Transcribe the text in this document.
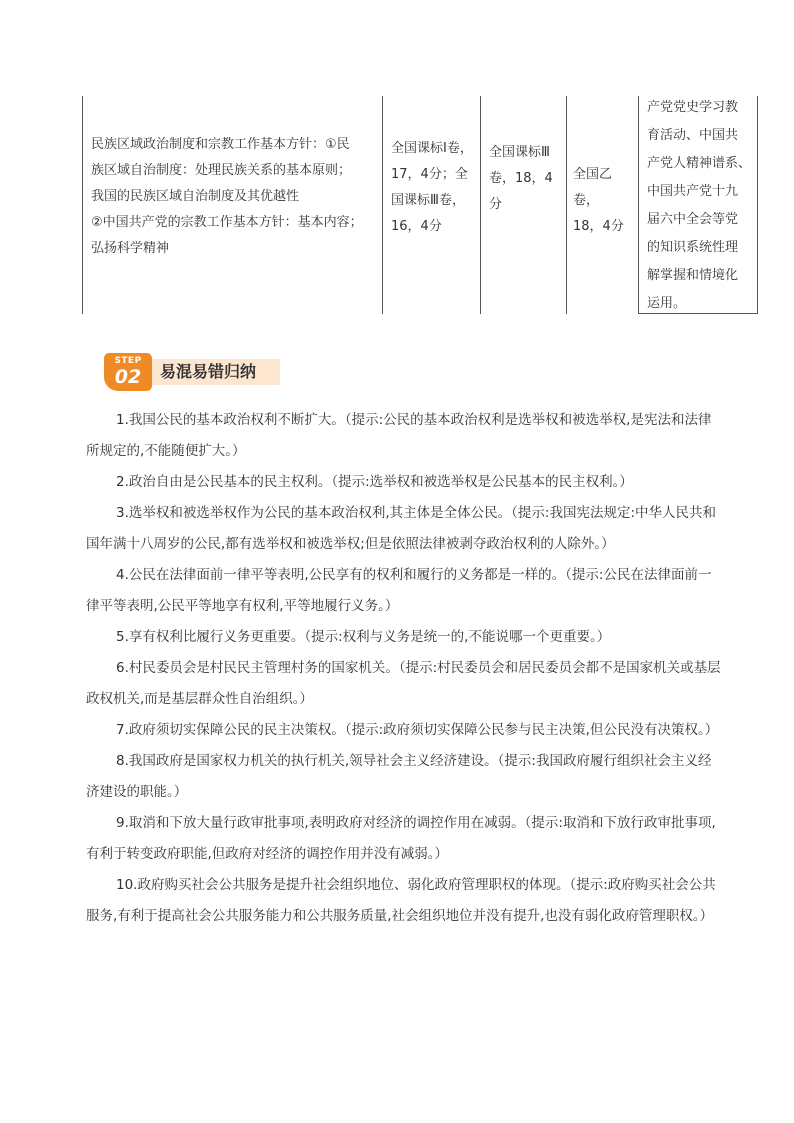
民族区域政治制度和宗教工作基本方针：①民
族区域自治制度：处理民族关系的基本原则；
我国的民族区域自治制度及其优越性
②中国共产党的宗教工作基本方针：基本内容；
弘扬科学精神
全国课标Ⅰ卷，
17，4分；全
国课标Ⅲ卷，
16，4分
全国课标Ⅲ
卷，18，4
分
全国乙卷，
18，4分
产党党史学习教
育活动、中国共
产党人精神谱系、
中国共产党十九
届六中全会等党
的知识系统性理
解掌握和情境化
运用。
STEP
02	易混易错归纳

1.我国公民的基本政治权利不断扩大。（提示:公民的基本政治权利是选举权和被选举权,是宪法和法律所规定的,不能随便扩大。）

2.政治自由是公民基本的民主权利。（提示:选举权和被选举权是公民基本的民主权利。）

3.选举权和被选举权作为公民的基本政治权利,其主体是全体公民。（提示:我国宪法规定:中华人民共和国年满十八周岁的公民,都有选举权和被选举权;但是依照法律被剥夺政治权利的人除外。）

4.公民在法律面前一律平等表明,公民享有的权利和履行的义务都是一样的。（提示:公民在法律面前一律平等表明,公民平等地享有权利,平等地履行义务。）

5.享有权利比履行义务更重要。（提示:权利与义务是统一的,不能说哪一个更重要。）

6.村民委员会是村民民主管理村务的国家机关。（提示:村民委员会和居民委员会都不是国家机关或基层政权机关,而是基层群众性自治组织。）

7.政府须切实保障公民的民主决策权。（提示:政府须切实保障公民参与民主决策,但公民没有决策权。）

8.我国政府是国家权力机关的执行机关,领导社会主义经济建设。（提示:我国政府履行组织社会主义经济建设的职能。）

9.取消和下放大量行政审批事项,表明政府对经济的调控作用在减弱。（提示:取消和下放行政审批事项,有利于转变政府职能,但政府对经济的调控作用并没有减弱。）

10.政府购买社会公共服务是提升社会组织地位、弱化政府管理职权的体现。（提示:政府购买社会公共服务,有利于提高社会公共服务能力和公共服务质量,社会组织地位并没有提升,也没有弱化政府管理职权。）
